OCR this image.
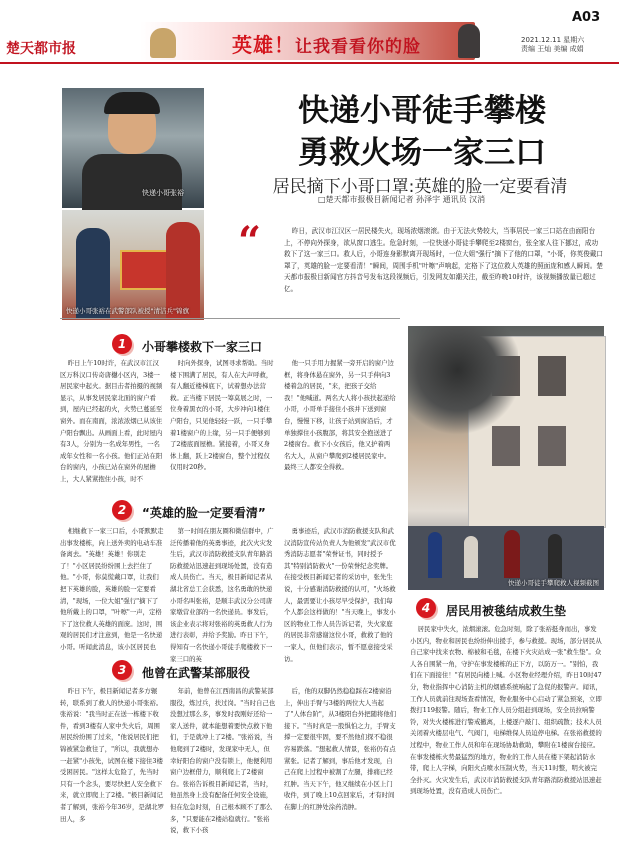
楚天都市报	英雄！让我看看你的脸
A03
2021.12.11 星期六
责编 王灿 美编 成娟
快递小哥张裕
快递小哥张裕在武警部队被授"清洁兵"锦旗
快递小哥徒手攀楼
勇救火场一家三口
居民摘下小哥口罩:英雄的脸一定要看清
□楚天都市报极目新闻记者 孙泽宇 通讯员 汉消
“	昨日，武汉市江汉区一居民楼失火，现场浓烟滚滚。由于无法火势较大，当事居民一家三口站在由面阳台上，不停向外探身，欲从窗口逃生。危急时刻，一位快递小哥徒手攀爬至2楼窗台，张全家人往下挪过，成功救下了这一家三口。救人后，小哥连身影默离开现场时，一位大姐"强行"摘下了他的口罩，"小哥，你英俊戴口罩了，英雄的脸一定要看清！"瞬间，周围手机"叶嚓"声响起，定格下了这位救人英雄的照面庞和感人瞬间。楚天都市报极目新闻官方抖音号发布这段视频后，引发网友如潮关注，截至昨晚10时许，该视频播放量已超过亿。
1	小哥攀楼救下一家三口
昨日上午10时许，在武汉市江汉区万科汉口传奇唐樾小区内，3楼一居民家中起火。据目击者拍摄的视频显示，从事发居民家北面的窗户看到，屋内已经起的火，火势已蔓延至窗外。而在南面，浓浓浓烟已从该住户阳台飘出。从画面上看，此时屋内有3人，分别为一名成年男性，一名成年女性和一名小孩。他们正站在阳台的窗内，小孩已站在窗外的屋檐上，大人紧紧抱住小孩，时不
时向外探身，试图寻求帮助。当时楼下围满了居民，有人在大声呼救，有人翻近楼梯底下，试着想办法营救。正当楼下居民一筹莫展之时，一位身着黑衣的小哥，大步冲向1楼住户阳台，只见他轻轻一跃，一只手攀着1楼窗户的上缘，另一只手便够到了2楼底面屋檐。紧接着，小哥又身体上翻，跃上2楼窗台，整个过程仅仅用时20秒。
他一只手用力握紧一旁开启的窗户边框，将身体悬在窗外，另一只手伸向3楼着急的居民，"来，把孩子交给我！"他喊道。两名大人将小孩扶起递给小哥，小哥单手接住小孩并下送到窗台，慢慢下移，让孩子站到窗沿后，才单独撑住小孩腹部，将其安全抱送进了2楼窗台。救下小女孩后，他又护着两名大人，从窗户攀爬到2楼居民家中。最终三人都安全得救。
2	“英雄的脸一定要看清”
相继救下一家三口后，小哥默默走出事发楼栋，向上送外卖的电动车准备离去。"英雄！英雄！你别走了！"小区居民纷纷围上去拦住了他。"小哥，你莫慌戴口罩，让我们把下英雄的脸，英雄的脸一定要看清，"现场，一位大姐"强行"摘下了他所戴上的口罩，"叶嚓"一声，定格下了这位救人英雄的面庞。这时，围观的居民们才注意到，他是一名快递小哥。听闻此消息，该小区居民也
第一时间在朋友圈和微信群中，广泛传播着他的英勇事迹，此次火灾发生后，武汉市消防救援支队青年路消防救援站迅速赶到现场处置，没有造成人员伤亡。当天，极目新闻记者从湖北省总工会获悉，这名勇敢的快递小哥名叫张裕，是顺丰武汉分公司唐家墩营业部的一名快递员。事发后，该企业表示将对张裕的英勇救人行为进行表彰，并给予奖励。昨日下午，得知有一名快递小哥徒手爬楼救下一家三口的英
勇事迹后，武汉市消防救援支队和武汉消防宣传站负责人为他颁发"武汉市优秀消防志愿者"荣誉证书，同时授予其"特别消防救火"一份荣誉纪念奖牌。在接受极目新闻记者的采访中，张先生说，十分感谢消防救援的认可，"火场救人，最需要让小孩尽早受保护，我们每个人都会这样做的！"当天晚上，事发小区的物业工作人员告诉记者，失火家庭的居民非常感谢这位小哥，救救了他的一家人，但他们表示，暂不愿意接受采访。
3	他曾在武警某部服役
昨日下午，极目新闻记者多方辗转，联系到了救人的快递小哥张裕。张裕说："我当时正在送一栋楼下收件，看到3楼有人家中失火后，周围居民纷纷围了过来，"他说居民们把锦被紧急救往了，"所以，我就想办一赶紧"小孩先，试图在楼下接住3楼受困居民。"这样太危险了，先当时只有一个念头，要尽快把人安全救下来，就立即爬上了2楼。"极目新闻记者了解到，张裕今年36岁，是湖北罗田人，多
年前，他曾在江西南昌的武警某部服役，炼过兵，扶过岗。"当时自己也没想过那么多，事发时我刚好还给一家人送件，就本能想着要快点救下他们，于是就冲上了2楼。"张裕说，当他爬到了2楼时，发现家中无人，但幸好阳台的窗户没有锁上，他便利用窗户边框借力，顺利爬上了2楼窗台。张裕告诉极目新闻记者，当时，他虽然身上没有配备任何安全设施，但在危急时刻，自己根本顾不了那么多，"只要能在2楼站稳就行。"张裕说，救下小孩
后，他的双脚仍然稳稳踩在2楼窗沿上，伸出手臂与3楼的两位大人当起了"人体台阶"，从3楼阳台外把随将他们接下。"当时真是一股惧怕之力，手臂支撑一定要很牢固，要不然他们探不稳很容易跌落。"想起救人情景，张裕仍有点紧张。记者了解到，事后他才发现，自己在爬上过程中被割了左腿，排痛已经红肿。当天下午，他又继续在小区上门收件，到了晚上10点回家后，才有时间在脚上的红肿处涂药消肿。
快递小哥徒手攀爬救人视频截图
4	居民用被毯结成救生垫
居民家中失火，浓烟滚滚。危急时刻，除了张裕挺身而出，事发小区内，物业和居民也纷纷伸出援手，参与救援。现场，部分居民从自己家中找来衣物、棉被和毛毯，在楼下火灾站成一张"救生垫"。众人各自围紧一角，守护在事发楼栋的正下方，以防万一。"别怕，我们在下面接住！"有居民向楼上喊。小区物业经理介绍，昨日10时47分，物业指挥中心消防主机的烟感系统响起了急促的报警声。闻讯，工作人员就前往现场查看情况，物业服务中心启动了紧急预案，立即拨打119报警。随后，物业工作人员分组赶到现场，安全员拉响警铃，对失火楼栋进行警戒撤离，上楼逐户敲门、组织疏散；技术人员关闭着火楼层电气、气阀门，电梯维保人员迫停电梯。在张裕救援的过程中，物业工作人员和年在现场协助救助，攀附在1楼窗台接应。在事发楼栋火势最猛烈的地方，物业的工作人员在楼下架起消防水带，爬上人字梯，向阳火点喷水压制火势，当天11时整，明火被完全扑灭。火灾发生后，武汉市消防救援支队青年路消防救援站迅速赶到现场处置，没有造成人员伤亡。
